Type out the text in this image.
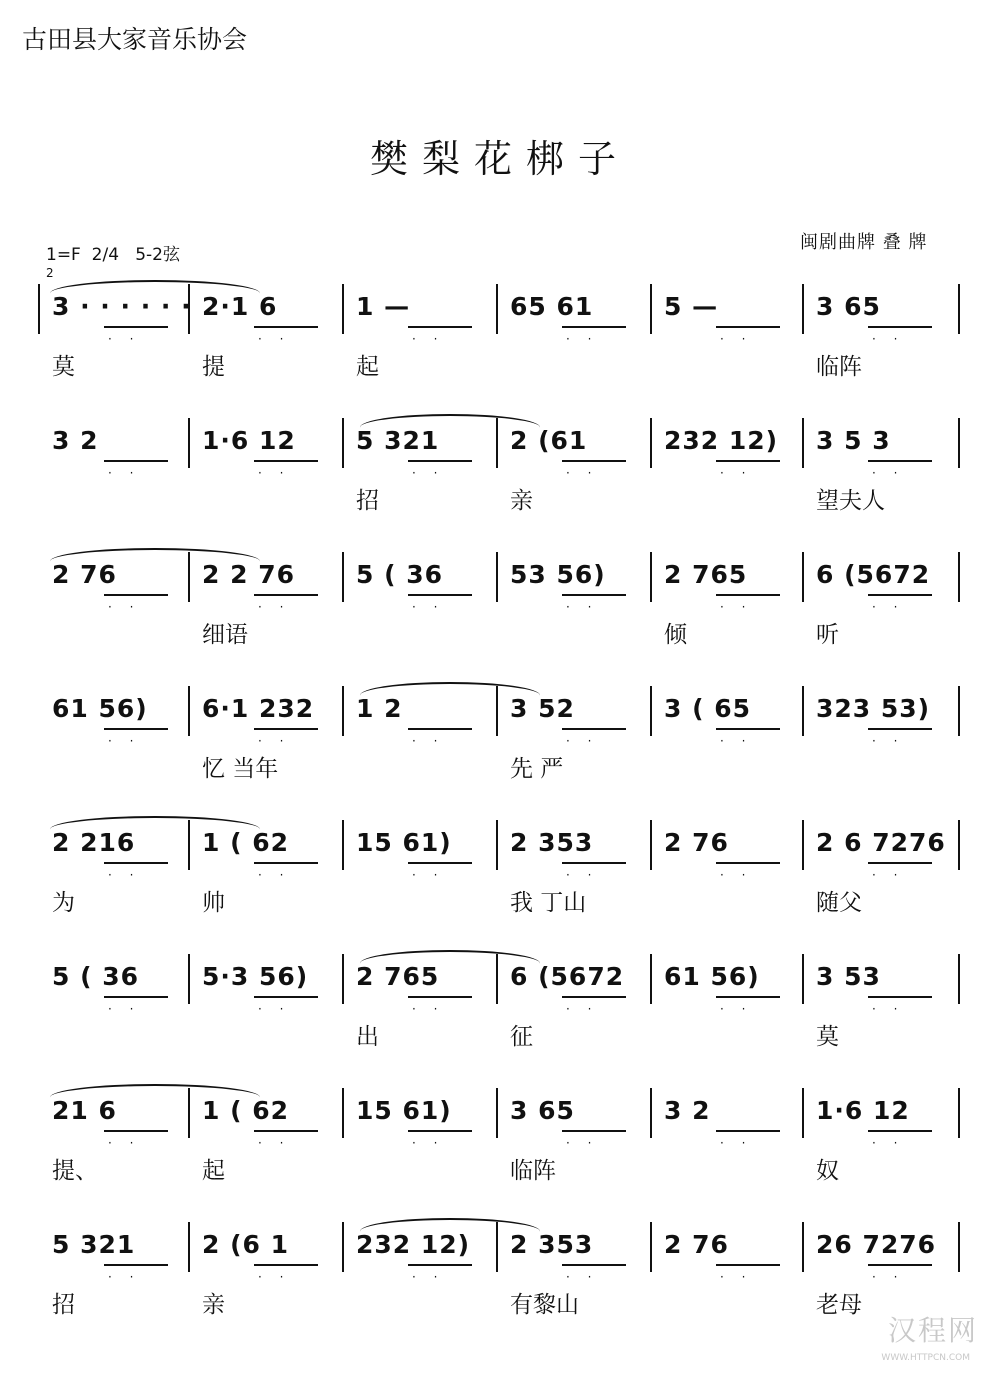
古田县大家音乐协会
樊梨花梆子
闽剧曲牌 叠 牌
1=F 2/4 5-2弦
2
3 · · · · · ·
· ·
莫
2·1 6
· ·
提
1 —
· ·
起
65 61
· ·
5 —
· ·
3 65
· ·
临阵
3 2
· ·
1·6 12
· ·
5 321
· ·
招
2 (61
· ·
亲
232 12)
· ·
3 5 3
· ·
望夫人
2 76
· ·
2 2 76
· ·
细语
5 ( 36
· ·
53 56)
· ·
2 765
· ·
倾
6 (5672
· ·
听
61 56)
· ·
6·1 232
· ·
忆 当年
1 2
· ·
3 52
· ·
先 严
3 ( 65
· ·
323 53)
· ·
2 216
· ·
为
1 ( 62
· ·
帅
15 61)
· ·
2 353
· ·
我 丁山
2 76
· ·
2 6 7276
· ·
随父
5 ( 36
· ·
5·3 56)
· ·
2 765
· ·
出
6 (5672
· ·
征
61 56)
· ·
3 53
· ·
莫
21 6
· ·
提、
1 ( 62
· ·
起
15 61)
· ·
3 65
· ·
临阵
3 2
· ·
1·6 12
· ·
奴
5 321
· ·
招
2 (6 1
· ·
亲
232 12)
· ·
2 353
· ·
有黎山
2 76
· ·
26 7276
· ·
老母
汉程网
WWW.HTTPCN.COM
